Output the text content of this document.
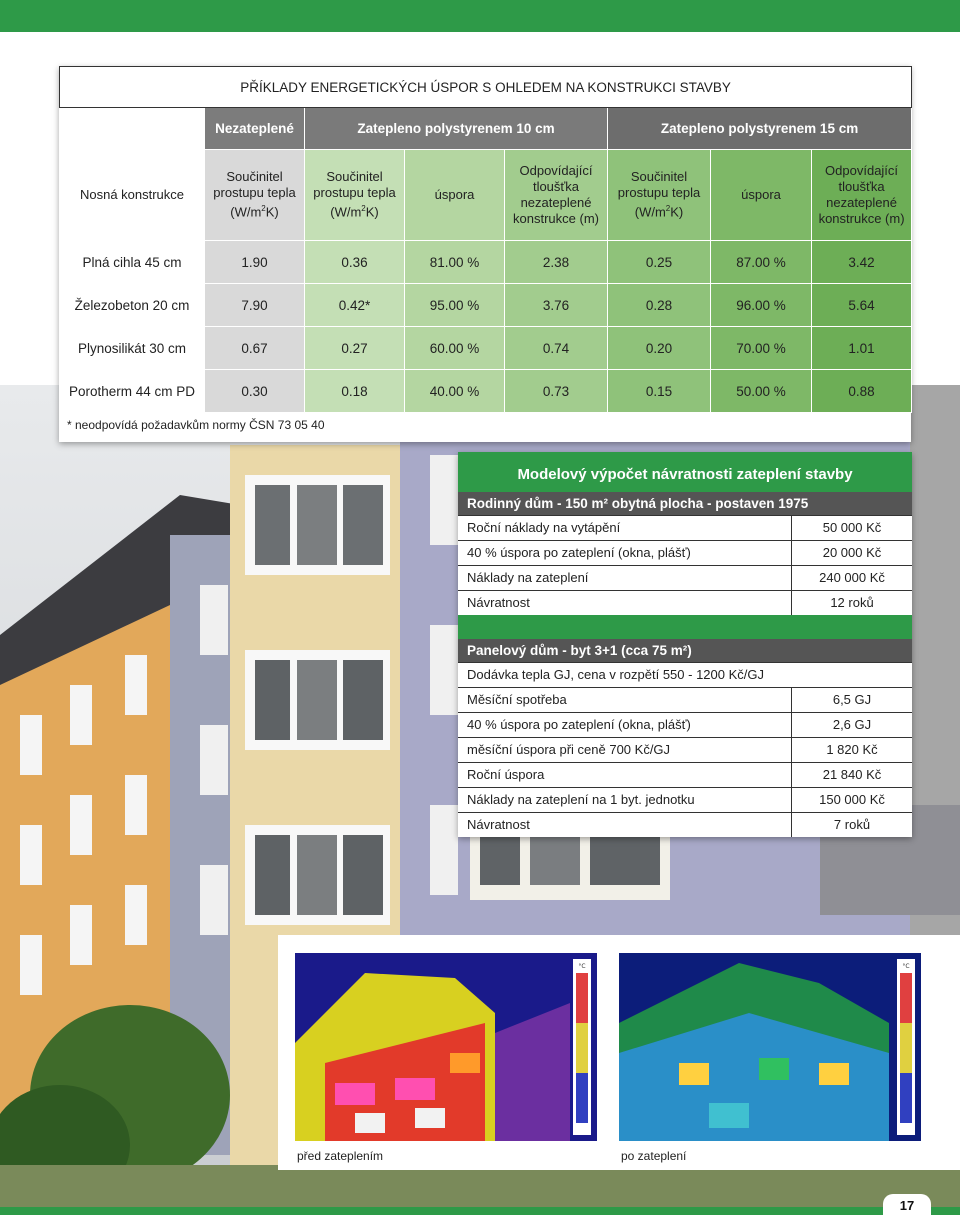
PŘÍKLADY ENERGETICKÝCH ÚSPOR S OHLEDEM NA KONSTRUKCI STAVBY							
	Nezateplené	Zatepleno polystyrenem 10 cm			Zatepleno polystyrenem 15 cm		
Nosná konstrukce	Součinitel prostupu tepla $(W/m^2K)$	Součinitel prostupu tepla $(W/m^2K)$	úspora	Odpovídající tloušťka nezateplené konstrukce (m)	Součinitel prostupu tepla $(W/m^2K)$	úspora	Odpovídající tloušťka nezateplené konstrukce (m)
Plná cihla 45 cm	1.90	0.36	81.00 %	2.38	0.25	87.00 %	3.42
Železobeton 20 cm	7.90	0.42*	95.00 %	3.76	0.28	96.00 %	5.64
Plynosilikát 30 cm	0.67	0.27	60.00 %	0.74	0.20	70.00 %	1.01
Porotherm 44 cm PD	0.30	0.18	40.00 %	0.73	0.15	50.00 %	0.88
* neodpovídá požadavkům normy ČSN 73 05 40
Modelový výpočet návratnosti zateplení stavby
Rodinný dům - 150 m² obytná plocha - postaven 1975
Roční náklady na vytápění	50 000 Kč
40 % úspora po zateplení (okna, plášť)	20 000 Kč
Náklady na zateplení	240 000 Kč
Návratnost	12 roků
Panelový dům - byt 3+1 (cca 75 m²)
Dodávka tepla GJ, cena v rozpětí 550 - 1200 Kč/GJ
Měsíční spotřeba	6,5 GJ
40 % úspora po zateplení (okna, plášť)	2,6 GJ
měsíční úspora při ceně 700 Kč/GJ	1 820 Kč
Roční úspora	21 840 Kč
Náklady na zateplení na 1 byt. jednotku	150 000 Kč
Návratnost	7 roků
°C	°C
před zateplením	po zateplení
17
